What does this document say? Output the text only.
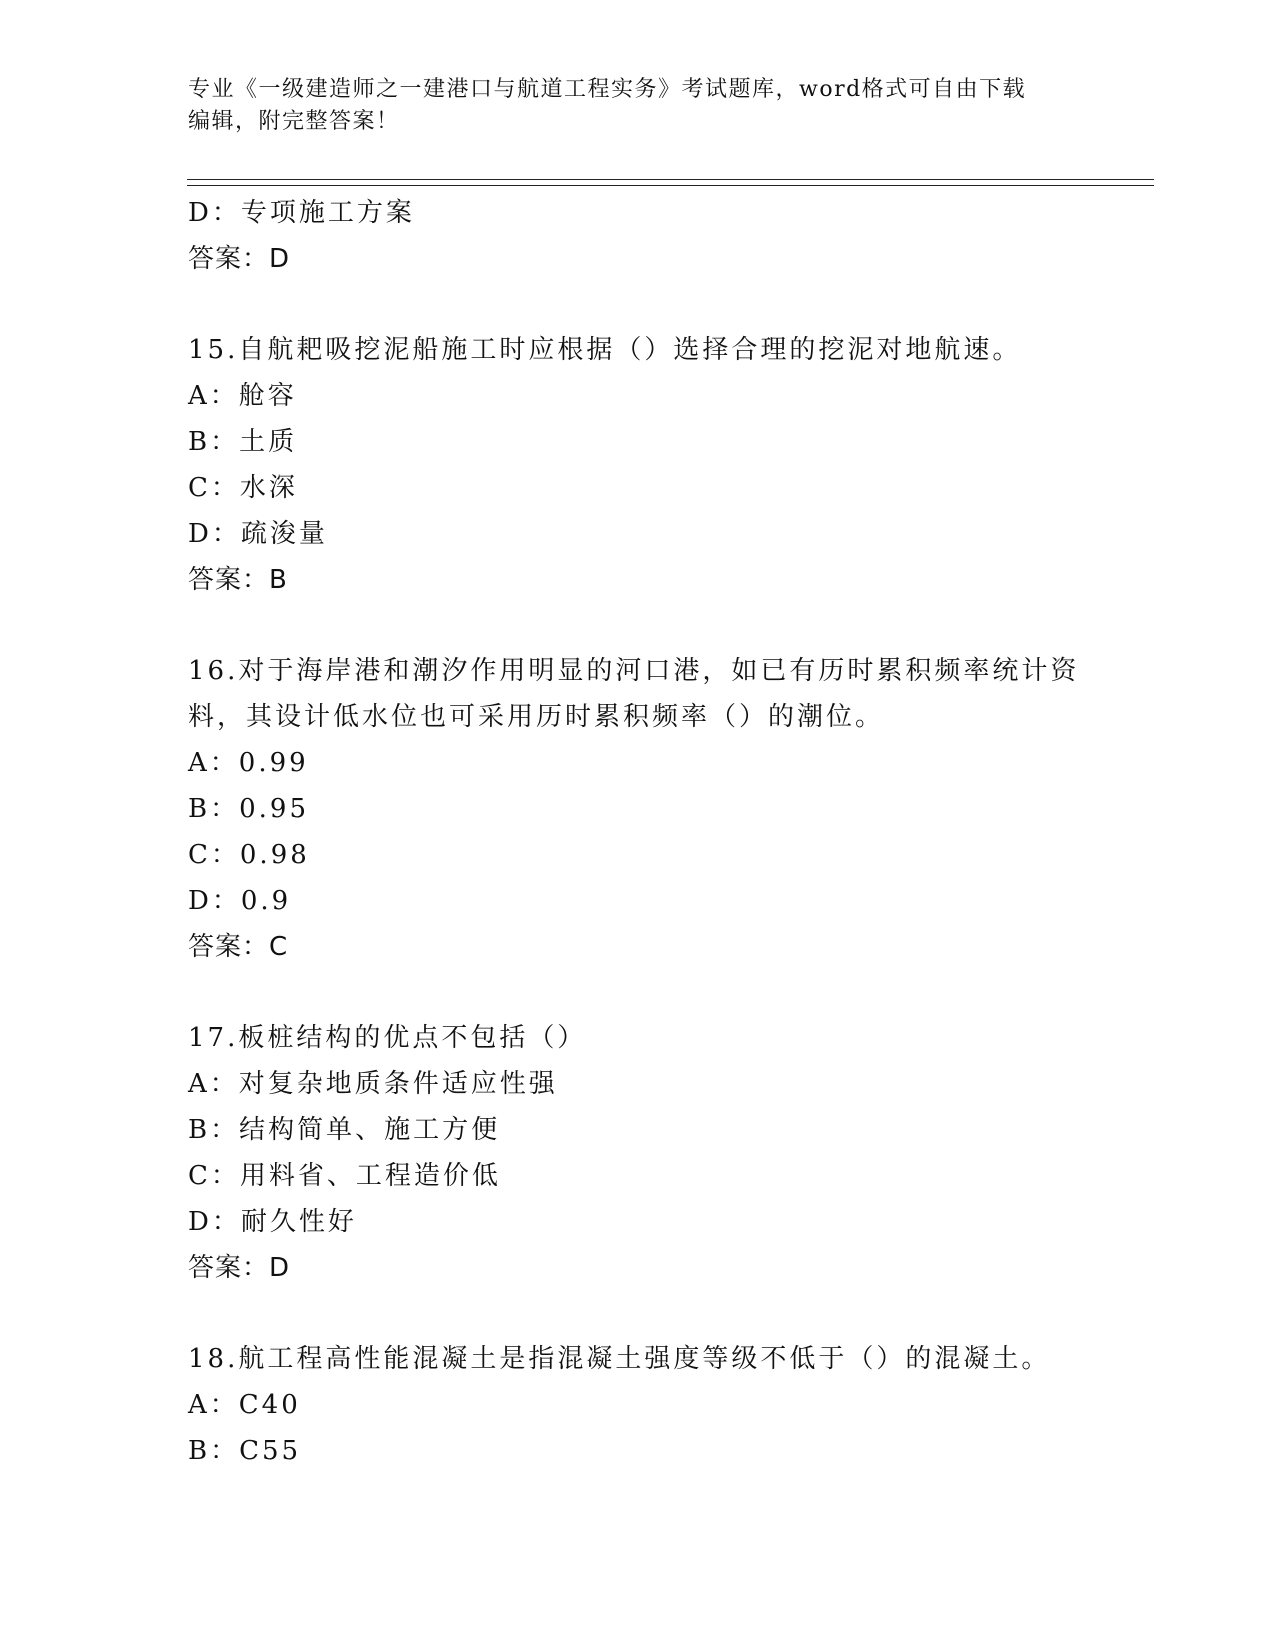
专业《一级建造师之一建港口与航道工程实务》考试题库，word格式可自由下载
编辑，附完整答案！
D：专项施工方案
答案：D
15.自航耙吸挖泥船施工时应根据（）选择合理的挖泥对地航速。
A：舱容
B：土质
C：水深
D：疏浚量
答案：B
16.对于海岸港和潮汐作用明显的河口港，如已有历时累积频率统计资
料，其设计低水位也可采用历时累积频率（）的潮位。
A：0.99
B：0.95
C：0.98
D：0.9
答案：C
17.板桩结构的优点不包括（）
A：对复杂地质条件适应性强
B：结构简单、施工方便
C：用料省、工程造价低
D：耐久性好
答案：D
18.航工程高性能混凝土是指混凝土强度等级不低于（）的混凝土。
A：C40
B：C55
